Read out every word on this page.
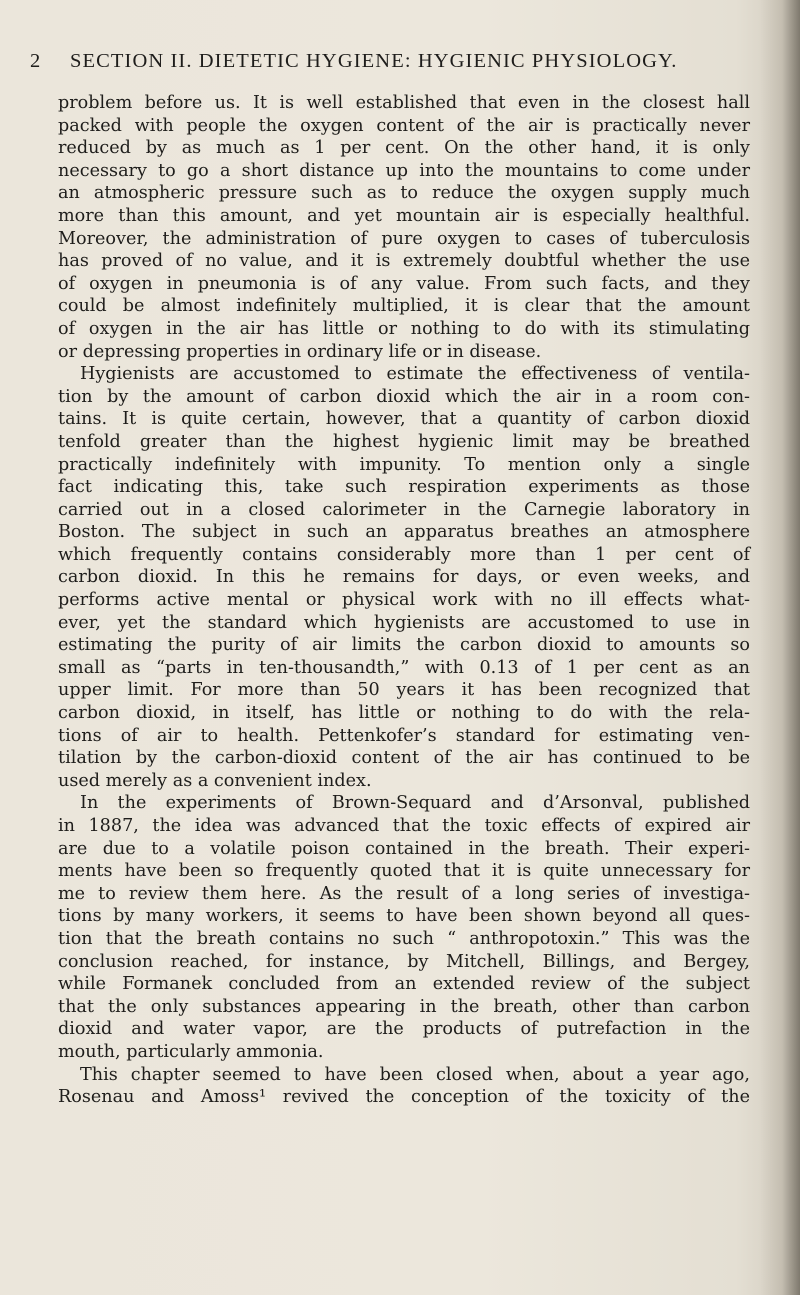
2 SECTION II. DIETETIC HYGIENE: HYGIENIC PHYSIOLOGY.
problem before us. It is well established that even in the closest hall
packed with people the oxygen content of the air is practically never
reduced by as much as 1 per cent. On the other hand, it is only
necessary to go a short distance up into the mountains to come under
an atmospheric pressure such as to reduce the oxygen supply much
more than this amount, and yet mountain air is especially healthful.
Moreover, the administration of pure oxygen to cases of tuberculosis
has proved of no value, and it is extremely doubtful whether the use
of oxygen in pneumonia is of any value. From such facts, and they
could be almost indefinitely multiplied, it is clear that the amount
of oxygen in the air has little or nothing to do with its stimulating
or depressing properties in ordinary life or in disease.
Hygienists are accustomed to estimate the effectiveness of ventila-
tion by the amount of carbon dioxid which the air in a room con-
tains. It is quite certain, however, that a quantity of carbon dioxid
tenfold greater than the highest hygienic limit may be breathed
practically indefinitely with impunity. To mention only a single
fact indicating this, take such respiration experiments as those
carried out in a closed calorimeter in the Carnegie laboratory in
Boston. The subject in such an apparatus breathes an atmosphere
which frequently contains considerably more than 1 per cent of
carbon dioxid. In this he remains for days, or even weeks, and
performs active mental or physical work with no ill effects what-
ever, yet the standard which hygienists are accustomed to use in
estimating the purity of air limits the carbon dioxid to amounts so
small as “parts in ten-thousandth,” with 0.13 of 1 per cent as an
upper limit. For more than 50 years it has been recognized that
carbon dioxid, in itself, has little or nothing to do with the rela-
tions of air to health. Pettenkofer’s standard for estimating ven-
tilation by the carbon-dioxid content of the air has continued to be
used merely as a convenient index.
In the experiments of Brown-Sequard and d’Arsonval, published
in 1887, the idea was advanced that the toxic effects of expired air
are due to a volatile poison contained in the breath. Their experi-
ments have been so frequently quoted that it is quite unnecessary for
me to review them here. As the result of a long series of investiga-
tions by many workers, it seems to have been shown beyond all ques-
tion that the breath contains no such “ anthropotoxin.” This was the
conclusion reached, for instance, by Mitchell, Billings, and Bergey,
while Formanek concluded from an extended review of the subject
that the only substances appearing in the breath, other than carbon
dioxid and water vapor, are the products of putrefaction in the
mouth, particularly ammonia.
This chapter seemed to have been closed when, about a year ago,
Rosenau and Amoss¹ revived the conception of the toxicity of the
